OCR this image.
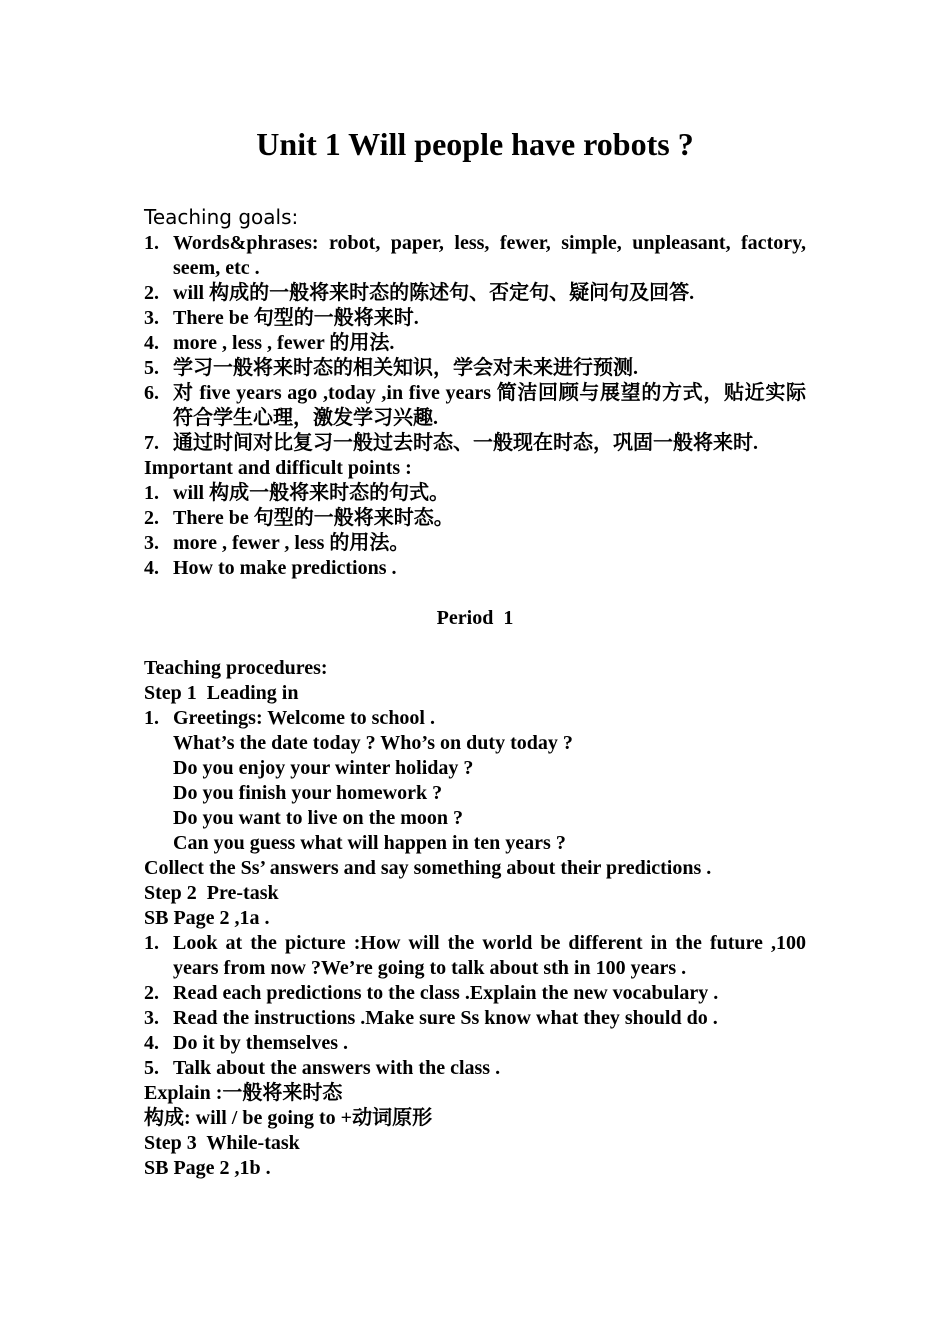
Unit 1 Will people have robots ?
Teaching goals:
1. Words&phrases: robot, paper, less, fewer, simple, unpleasant, factory, seem, etc .
2. will 构成的一般将来时态的陈述句、否定句、疑问句及回答.
3. There be 句型的一般将来时.
4. more , less , fewer 的用法.
5. 学习一般将来时态的相关知识，学会对未来进行预测.
6. 对 five years ago ,today ,in five years 简洁回顾与展望的方式，贴近实际符合学生心理，激发学习兴趣.
7. 通过时间对比复习一般过去时态、一般现在时态，巩固一般将来时.
Important and difficult points :
1. will 构成一般将来时态的句式。
2. There be 句型的一般将来时态。
3. more , fewer , less 的用法。
4. How to make predictions .
Period  1
Teaching procedures:
Step 1  Leading in
1. Greetings: Welcome to school .
What’s the date today ? Who’s on duty today ?
Do you enjoy your winter holiday ?
Do you finish your homework ?
Do you want to live on the moon ?
Can you guess what will happen in ten years ?
Collect the Ss’ answers and say something about their predictions .
Step 2  Pre-task
SB Page 2 ,1a .
1. Look at the picture :How will the world be different in the future ,100 years from now ?We’re going to talk about sth in 100 years .
2. Read each predictions to the class .Explain the new vocabulary .
3. Read the instructions .Make sure Ss know what they should do .
4. Do it by themselves .
5. Talk about the answers with the class .
Explain :一般将来时态
构成: will / be going to +动词原形
Step 3  While-task
SB Page 2 ,1b .
